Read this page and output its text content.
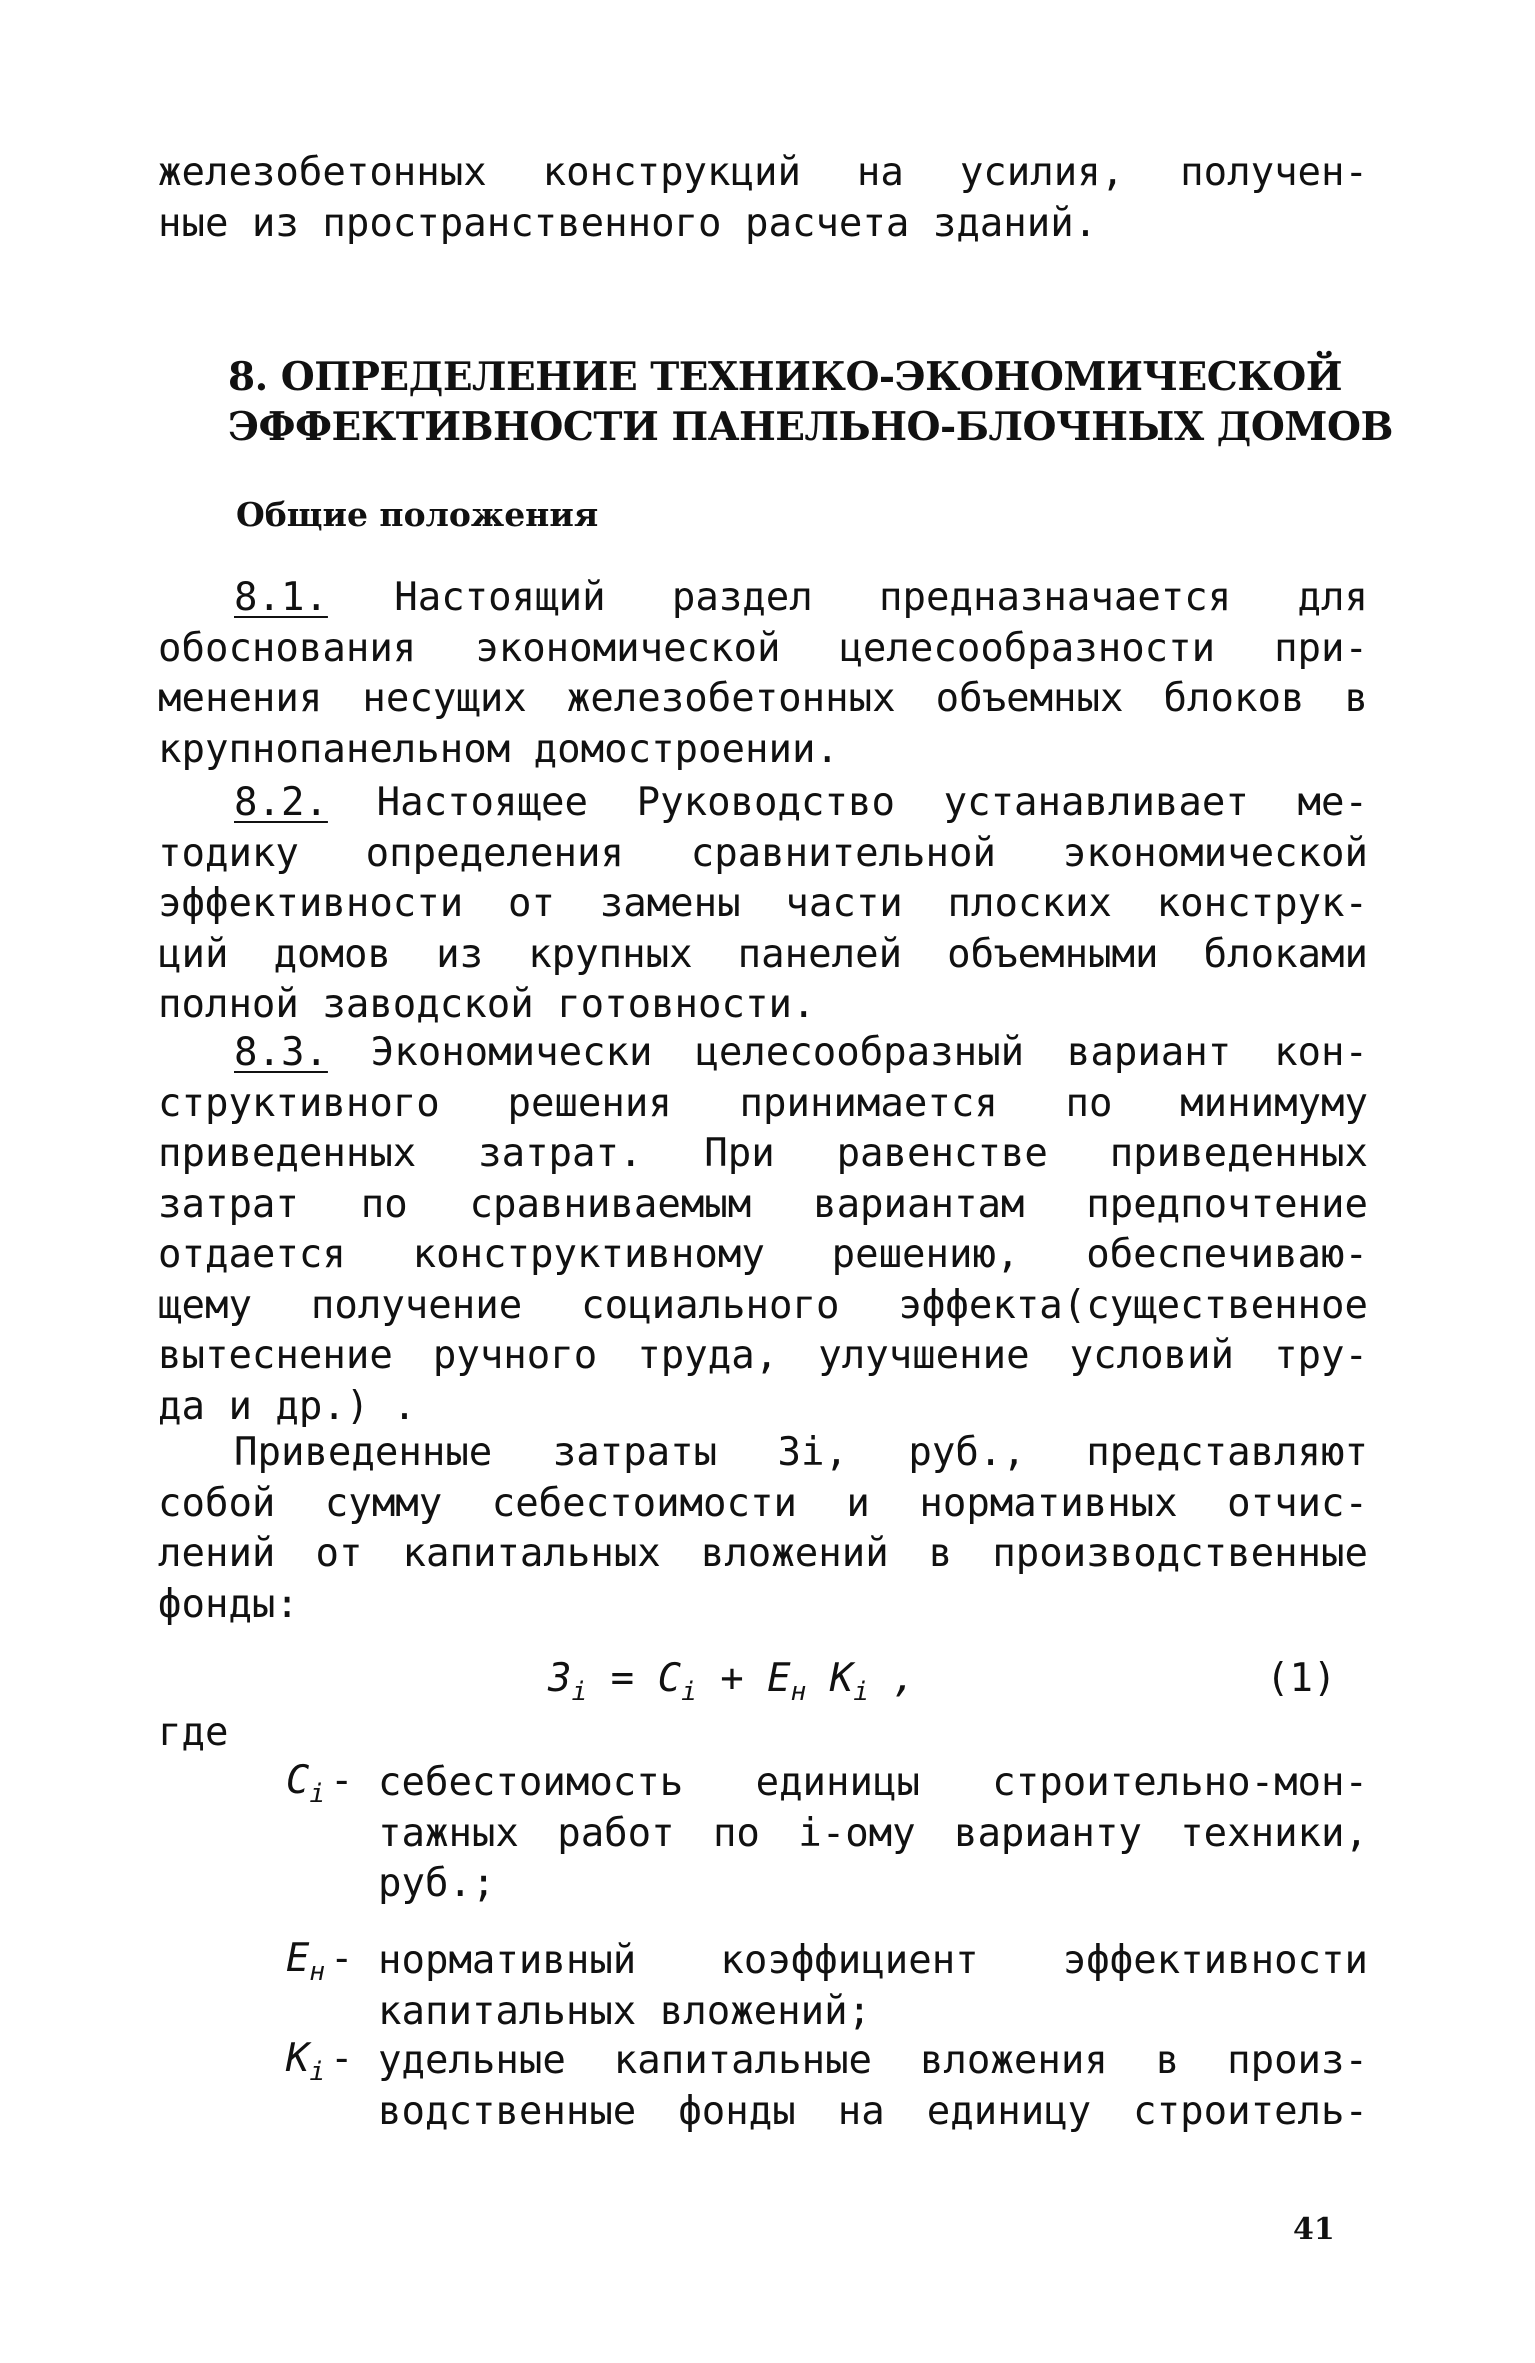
железобетонных конструкций на усилия, получен-
ные из пространственного расчета зданий.
8. ОПРЕДЕЛЕНИЕ ТЕХНИКО-ЭКОНОМИЧЕСКОЙ
ЭФФЕКТИВНОСТИ ПАНЕЛЬНО-БЛОЧНЫХ ДОМОВ
Общие положения
8.1. Настоящий раздел предназначается для
обоснования экономической целесообразности при-
менения несущих железобетонных объемных блоков в
крупнопанельном домостроении.
8.2. Настоящее Руководство устанавливает ме-
тодику определения сравнительной экономической
эффективности от замены части плоских конструк-
ций домов из крупных панелей объемными блоками
полной заводской готовности.
8.3. Экономически целесообразный вариант кон-
структивного решения принимается по минимуму
приведенных затрат. При равенстве приведенных
затрат по сравниваемым вариантам предпочтение
отдается конструктивному решению, обеспечиваю-
щему получение социального эффекта(существенное
вытеснение ручного труда, улучшение условий тру-
да и др.) .
Приведенные затраты Зi, руб., представляют
собой сумму себестоимости и нормативных отчис-
лений от капитальных вложений в производственные
фонды:
$З_i = C_i + E_н$ $K_i$ ,	(1)
где
$C_i$ - себестоимость единицы строительно-мон-
тажных работ по i-ому варианту техники,
руб.;
$E_н$ - нормативный коэффициент эффективности
капитальных вложений;
$K_i$ - удельные капитальные вложения в произ-
водственные фонды на единицу строитель-
41
